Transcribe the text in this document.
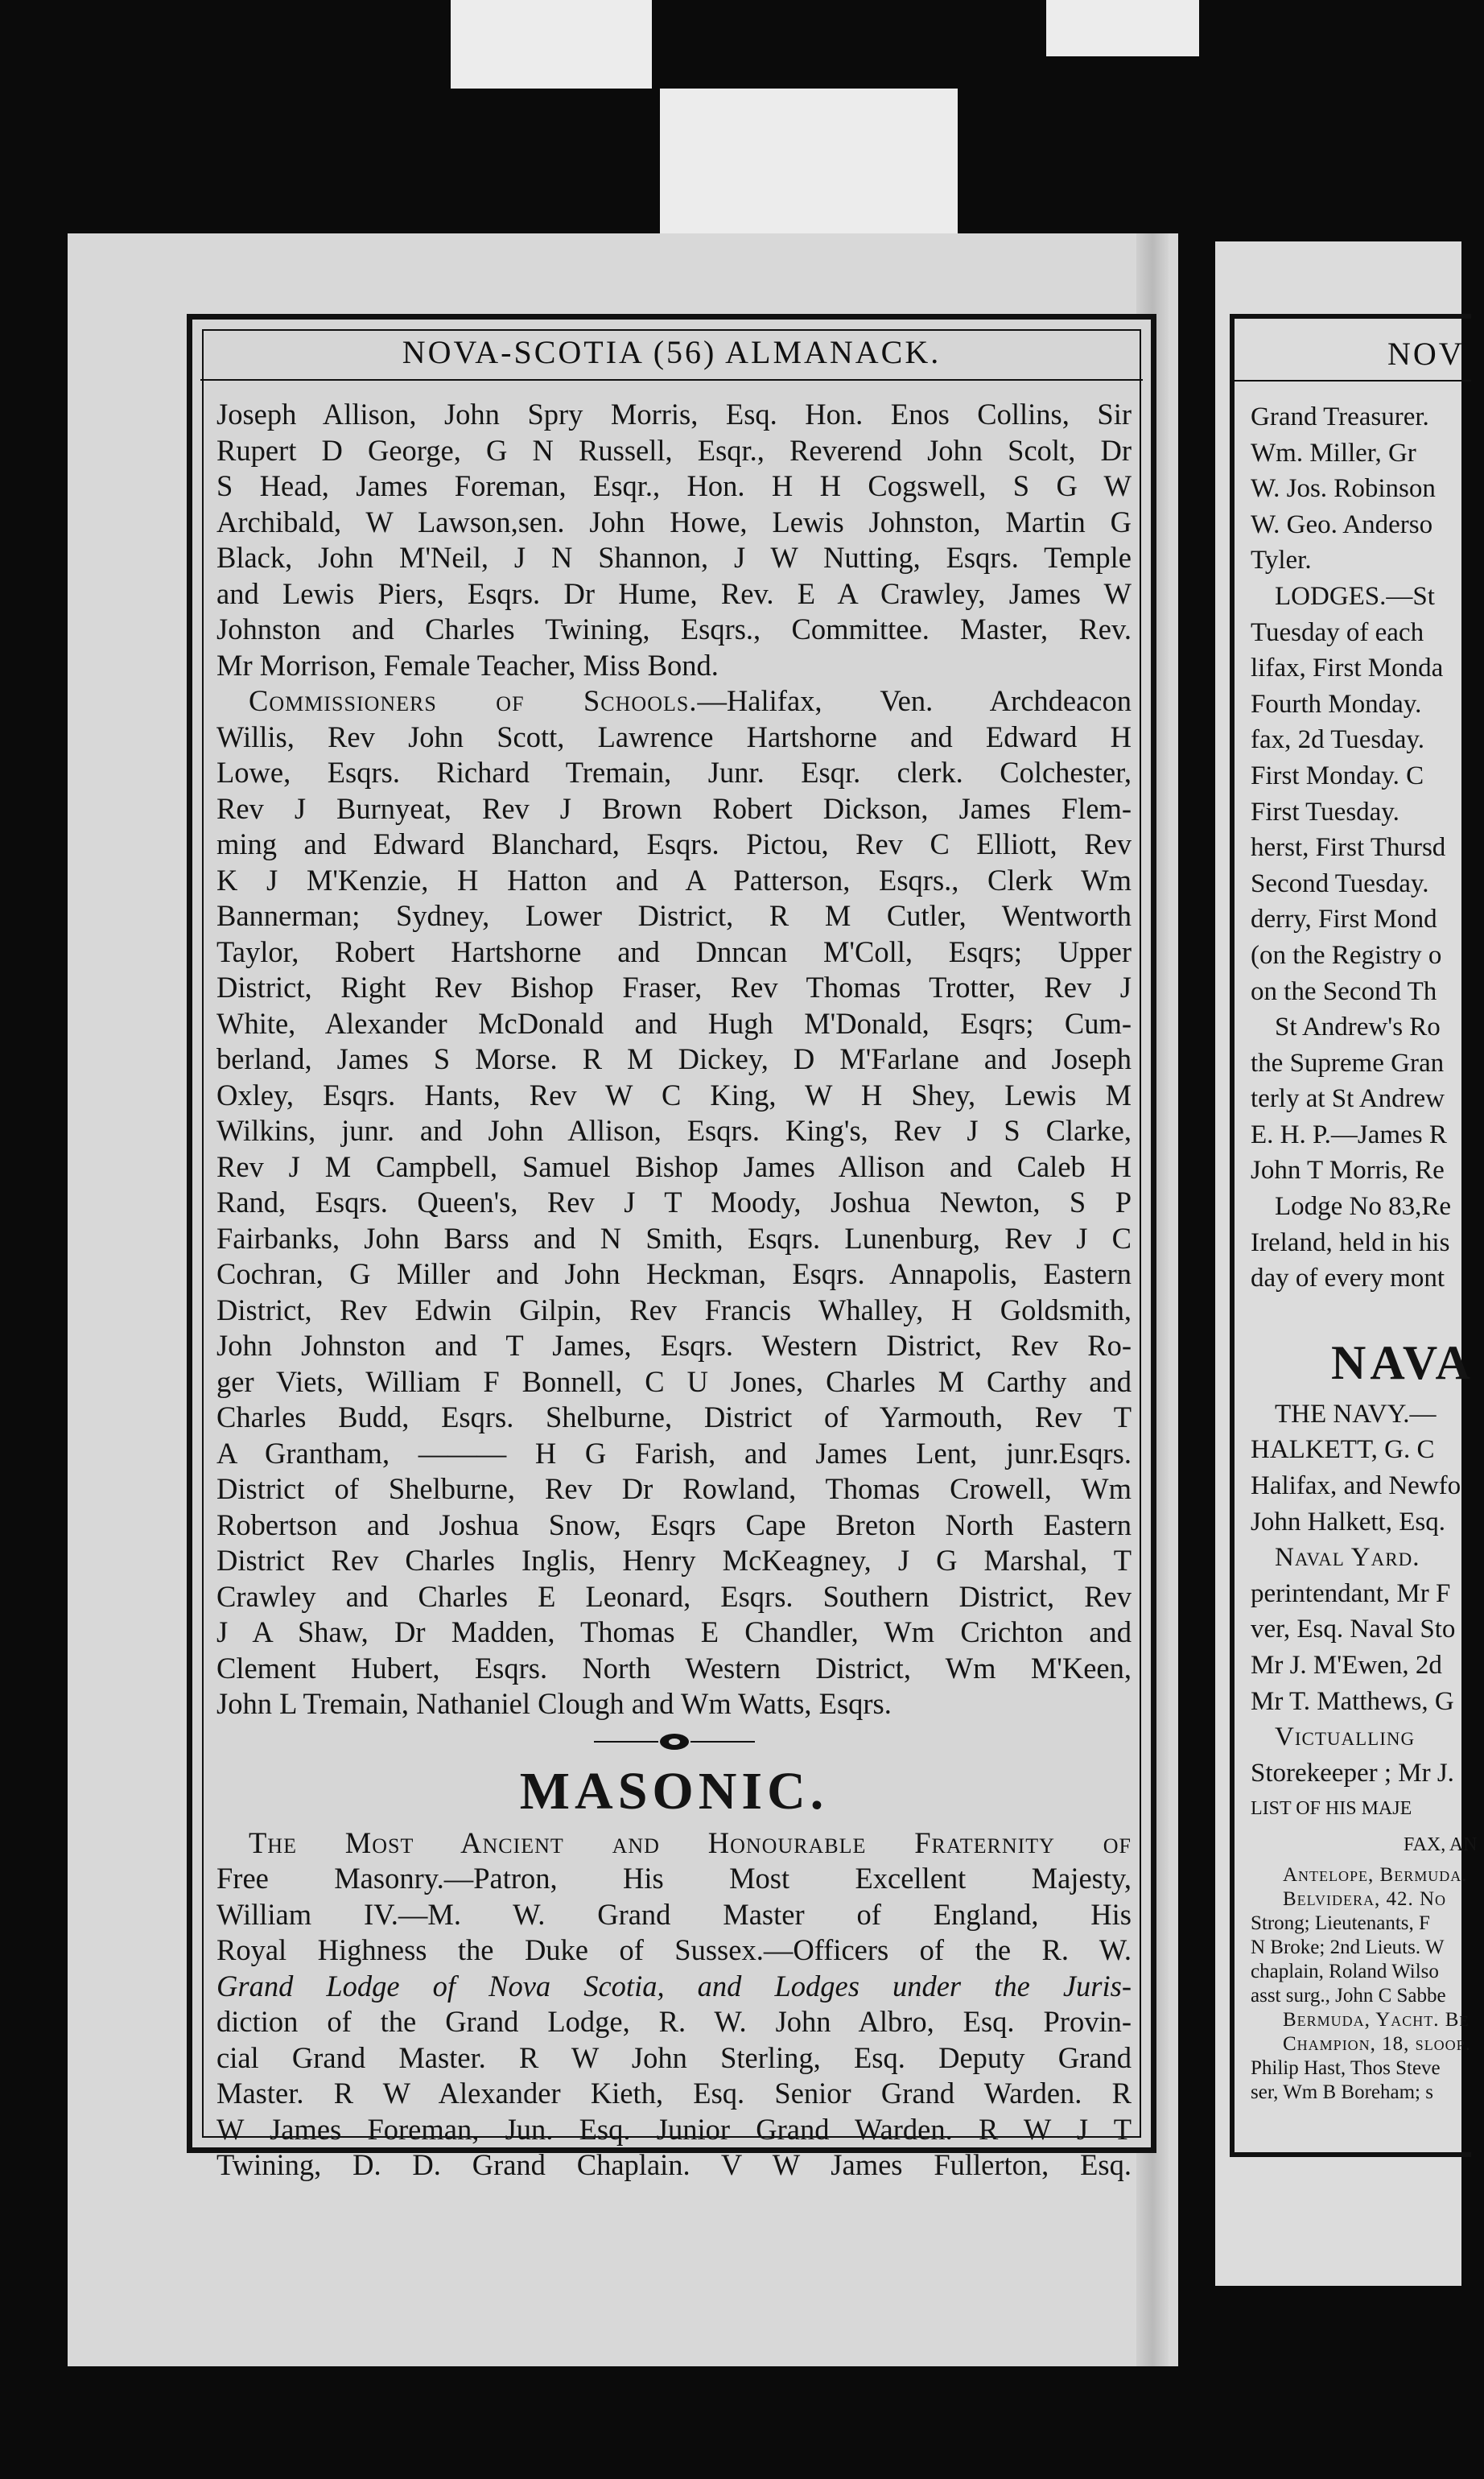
NOVA-SCOTIA (56) ALMANACK.
Joseph Allison, John Spry Morris, Esq. Hon. Enos Collins, Sir
Rupert D George, G N Russell, Esqr., Reverend John Scolt, Dr
S Head, James Foreman, Esqr., Hon. H H Cogswell, S G W
Archibald, W Lawson,sen. John Howe, Lewis Johnston, Martin G
Black, John M'Neil, J N Shannon, J W Nutting, Esqrs. Temple
and Lewis Piers, Esqrs. Dr Hume, Rev. E A Crawley, James W
Johnston and Charles Twining, Esqrs., Committee. Master, Rev.
Mr Morrison, Female Teacher, Miss Bond.
Commissioners of Schools.—Halifax, Ven. Archdeacon
Willis, Rev John Scott, Lawrence Hartshorne and Edward H
Lowe, Esqrs. Richard Tremain, Junr. Esqr. clerk. Colchester,
Rev J Burnyeat, Rev J Brown Robert Dickson, James Flem-
ming and Edward Blanchard, Esqrs. Pictou, Rev C Elliott, Rev
K J M'Kenzie, H Hatton and A Patterson, Esqrs., Clerk Wm
Bannerman; Sydney, Lower District, R M Cutler, Wentworth
Taylor, Robert Hartshorne and Dnncan M'Coll, Esqrs; Upper
District, Right Rev Bishop Fraser, Rev Thomas Trotter, Rev J
White, Alexander McDonald and Hugh M'Donald, Esqrs; Cum-
berland, James S Morse. R M Dickey, D M'Farlane and Joseph
Oxley, Esqrs. Hants, Rev W C King, W H Shey, Lewis M
Wilkins, junr. and John Allison, Esqrs. King's, Rev J S Clarke,
Rev J M Campbell, Samuel Bishop James Allison and Caleb H
Rand, Esqrs. Queen's, Rev J T Moody, Joshua Newton, S P
Fairbanks, John Barss and N Smith, Esqrs. Lunenburg, Rev J C
Cochran, G Miller and John Heckman, Esqrs. Annapolis, Eastern
District, Rev Edwin Gilpin, Rev Francis Whalley, H Goldsmith,
John Johnston and T James, Esqrs. Western District, Rev Ro-
ger Viets, William F Bonnell, C U Jones, Charles M Carthy and
Charles Budd, Esqrs. Shelburne, District of Yarmouth, Rev T
A Grantham, ——— H G Farish, and James Lent, junr.Esqrs.
District of Shelburne, Rev Dr Rowland, Thomas Crowell, Wm
Robertson and Joshua Snow, Esqrs Cape Breton North Eastern
District Rev Charles Inglis, Henry McKeagney, J G Marshal, T
Crawley and Charles E Leonard, Esqrs. Southern District, Rev
J A Shaw, Dr Madden, Thomas E Chandler, Wm Crichton and
Clement Hubert, Esqrs. North Western District, Wm M'Keen,
John L Tremain, Nathaniel Clough and Wm Watts, Esqrs.
MASONIC.
The Most Ancient and Honourable Fraternity of
Free Masonry.—Patron, His Most Excellent Majesty,
William IV.—M. W. Grand Master of England, His
Royal Highness the Duke of Sussex.—Officers of the R. W.
Grand Lodge of Nova Scotia, and Lodges under the Juris-
diction of the Grand Lodge, R. W. John Albro, Esq. Provin-
cial Grand Master. R W John Sterling, Esq. Deputy Grand
Master. R W Alexander Kieth, Esq. Senior Grand Warden. R
W James Foreman, Jun. Esq. Junior Grand Warden. R W J T
Twining, D. D. Grand Chaplain. V W James Fullerton, Esq.
NOV
Grand Treasurer.
Wm. Miller, Gr
W. Jos. Robinson
W. Geo. Anderso
Tyler.
LODGES.—St
Tuesday of each
lifax, First Monda
Fourth Monday.
fax, 2d Tuesday.
First Monday. C
First Tuesday.
herst, First Thursd
Second Tuesday.
derry, First Mond
(on the Registry o
on the Second Th
St Andrew's Ro
the Supreme Gran
terly at St Andrew
E. H. P.—James R
John T Morris, Re
Lodge No 83,Re
Ireland, held in his
day of every mont
NAVA
THE NAVY.—
HALKETT, G. C
Halifax, and Newfo
John Halkett, Esq.
Naval Yard.
perintendant, Mr F
ver, Esq. Naval Sto
Mr J. M'Ewen, 2d
Mr T. Matthews, G
Victualling
Storekeeper ; Mr J.
LIST OF HIS MAJE
FAX, AN
Antelope, Bermuda.
Belvidera, 42. No
Strong; Lieutenants, F
N Broke; 2nd Lieuts. W
chaplain, Roland Wilso
asst surg., John C Sabbe
Bermuda, Yacht. Be
Champion, 18, sloop.
Philip Hast, Thos Steve
ser, Wm B Boreham; s
